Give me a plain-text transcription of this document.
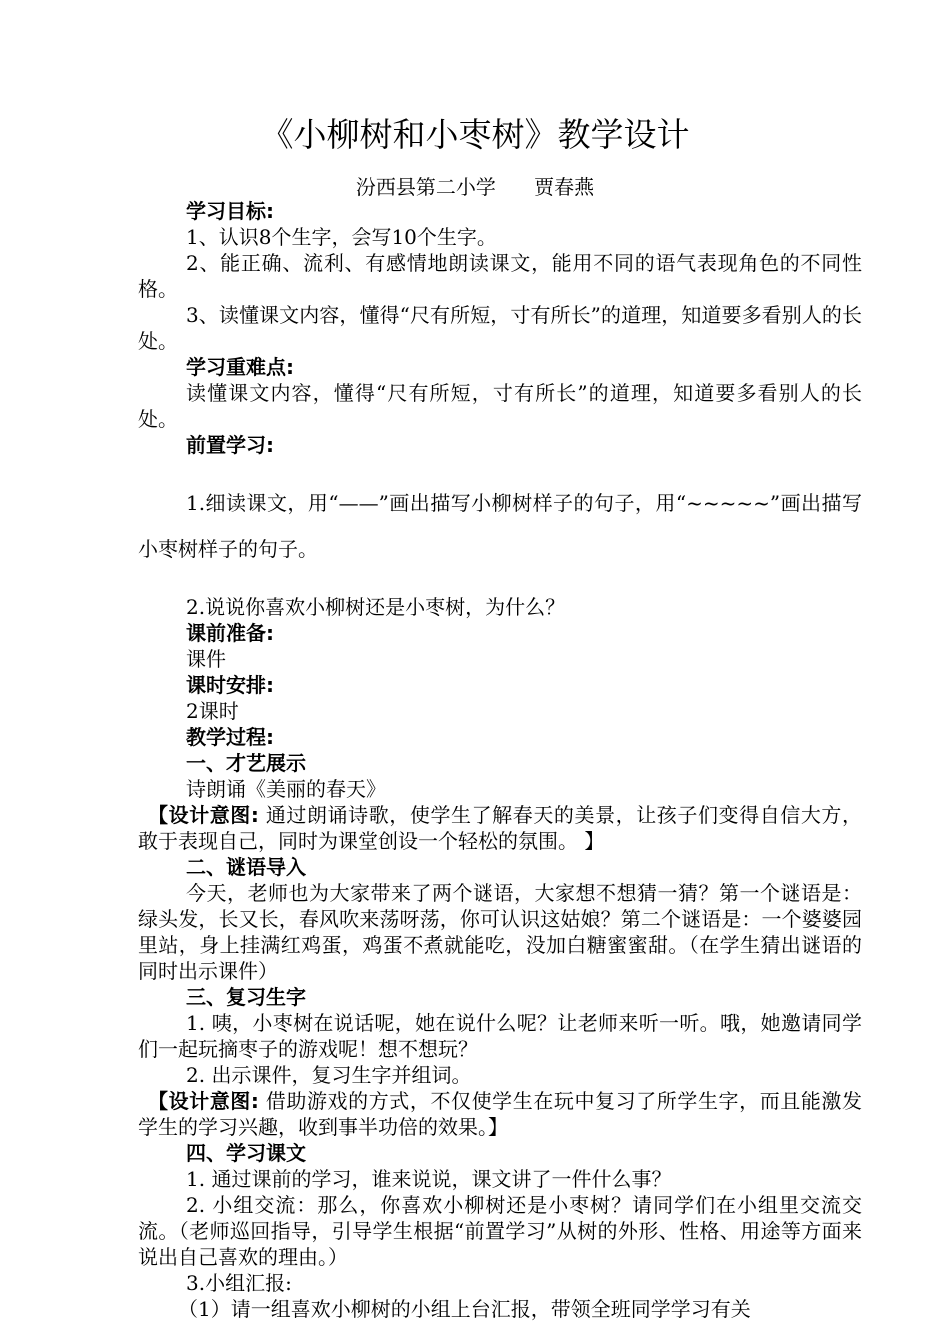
《小柳树和小枣树》教学设计
汾西县第二小学      贾春燕

学习目标:

1、认识8个生字，会写10个生字。

2、能正确、流利、有感情地朗读课文，能用不同的语气表现角色的不同性格。

3、读懂课文内容，懂得“尺有所短，寸有所长”的道理，知道要多看别人的长处。

学习重难点:

读懂课文内容，懂得“尺有所短，寸有所长”的道理，知道要多看别人的长处。

前置学习:

1.细读课文，用“——”画出描写小柳树样子的句子，用“~~~~~”画出描写小枣树样子的句子。

2.说说你喜欢小柳树还是小枣树，为什么？

课前准备:

课件

课时安排:

2课时

教学过程:

一、才艺展示

诗朗诵《美丽的春天》

【设计意图: 通过朗诵诗歌，使学生了解春天的美景，让孩子们变得自信大方，敢于表现自己，同时为课堂创设一个轻松的氛围。 】

二、谜语导入

今天，老师也为大家带来了两个谜语，大家想不想猜一猜？第一个谜语是：绿头发，长又长，春风吹来荡呀荡，你可认识这姑娘？第二个谜语是：一个婆婆园里站，身上挂满红鸡蛋，鸡蛋不煮就能吃，没加白糖蜜蜜甜。（在学生猜出谜语的同时出示课件）

三、复习生字

1. 咦，小枣树在说话呢，她在说什么呢？让老师来听一听。哦，她邀请同学们一起玩摘枣子的游戏呢！想不想玩？

2. 出示课件，复习生字并组词。

【设计意图: 借助游戏的方式，不仅使学生在玩中复习了所学生字，而且能激发学生的学习兴趣，收到事半功倍的效果。】

四、学习课文

1. 通过课前的学习，谁来说说，课文讲了一件什么事？

2. 小组交流：那么，你喜欢小柳树还是小枣树？请同学们在小组里交流交流。（老师巡回指导，引导学生根据“前置学习”从树的外形、性格、用途等方面来说出自己喜欢的理由。）

3.小组汇报:

（1）请一组喜欢小柳树的小组上台汇报，带领全班同学学习有关
